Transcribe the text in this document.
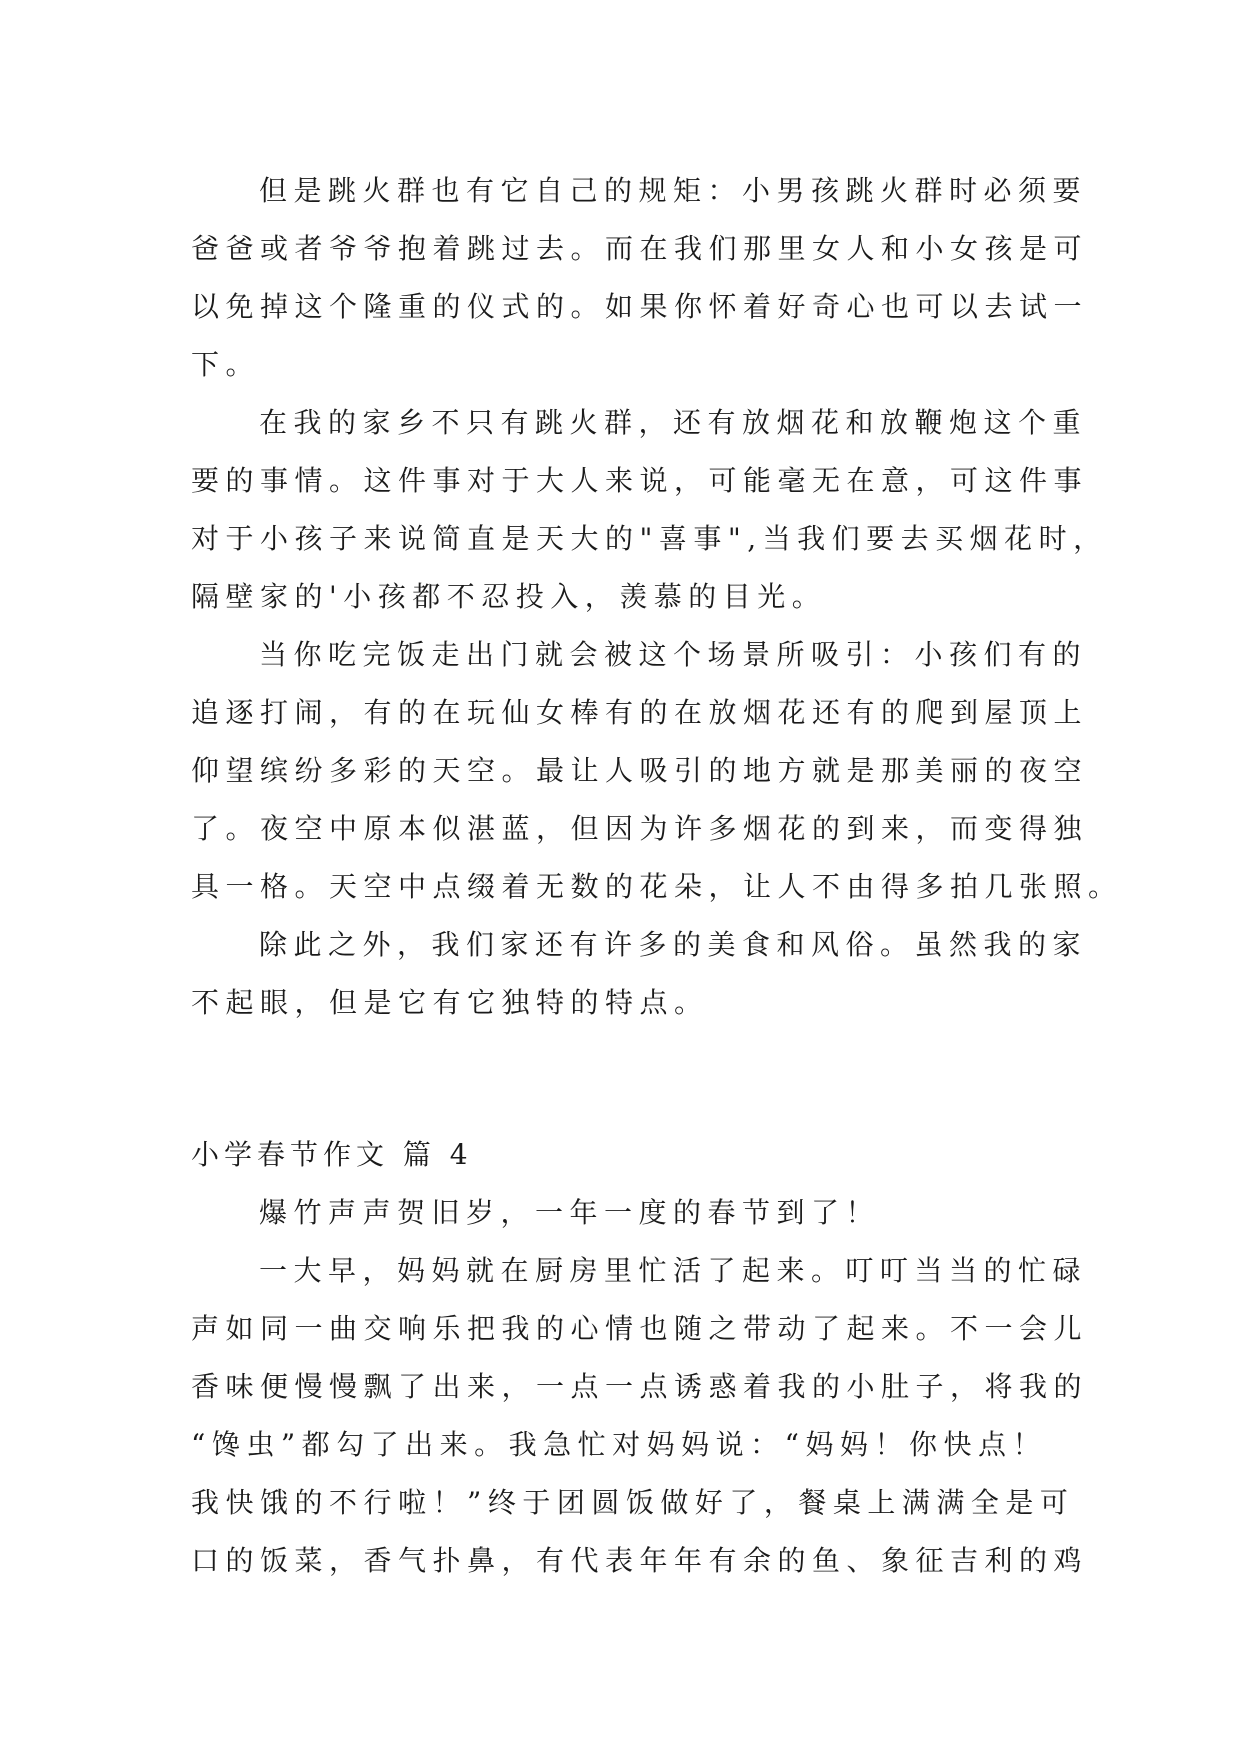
但是跳火群也有它自己的规矩：小男孩跳火群时必须要
爸爸或者爷爷抱着跳过去。而在我们那里女人和小女孩是可
以免掉这个隆重的仪式的。如果你怀着好奇心也可以去试一
下。
在我的家乡不只有跳火群，还有放烟花和放鞭炮这个重
要的事情。这件事对于大人来说，可能毫无在意，可这件事
对于小孩子来说简直是天大的"喜事",当我们要去买烟花时，
隔壁家的'小孩都不忍投入，羡慕的目光。
当你吃完饭走出门就会被这个场景所吸引：小孩们有的
追逐打闹，有的在玩仙女棒有的在放烟花还有的爬到屋顶上
仰望缤纷多彩的天空。最让人吸引的地方就是那美丽的夜空
了。夜空中原本似湛蓝，但因为许多烟花的到来，而变得独
具一格。天空中点缀着无数的花朵，让人不由得多拍几张照。
除此之外，我们家还有许多的美食和风俗。虽然我的家
不起眼，但是它有它独特的特点。
小学春节作文 篇 4
爆竹声声贺旧岁，一年一度的春节到了！
一大早，妈妈就在厨房里忙活了起来。叮叮当当的忙碌
声如同一曲交响乐把我的心情也随之带动了起来。不一会儿
香味便慢慢飘了出来，一点一点诱惑着我的小肚子，将我的
“馋虫”都勾了出来。我急忙对妈妈说：“妈妈！你快点！
我快饿的不行啦！”终于团圆饭做好了，餐桌上满满全是可
口的饭菜，香气扑鼻，有代表年年有余的鱼、象征吉利的鸡
